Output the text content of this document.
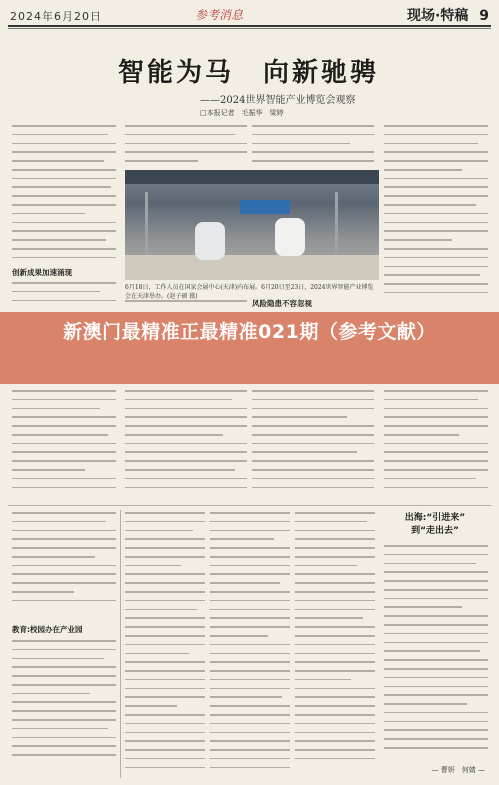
2024年6月20日	参考消息	现场·特稿 9
智能为马　向新驰骋
——2024世界智能产业博览会观察
□本报记者　毛振华　梁婷
创新成果加速涌现
6月18日，工作人员在国家会展中心(天津)内布展。6月20日至23日，2024世界智能产业博览会在天津举办。(赵子硕 摄)
风险隐患不容忽视
新澳门最精准正最精准021期（参考文献）
教育:校园办在产业园
出海:“引进来”
到“走出去”
— 曹妍　何婧 —
